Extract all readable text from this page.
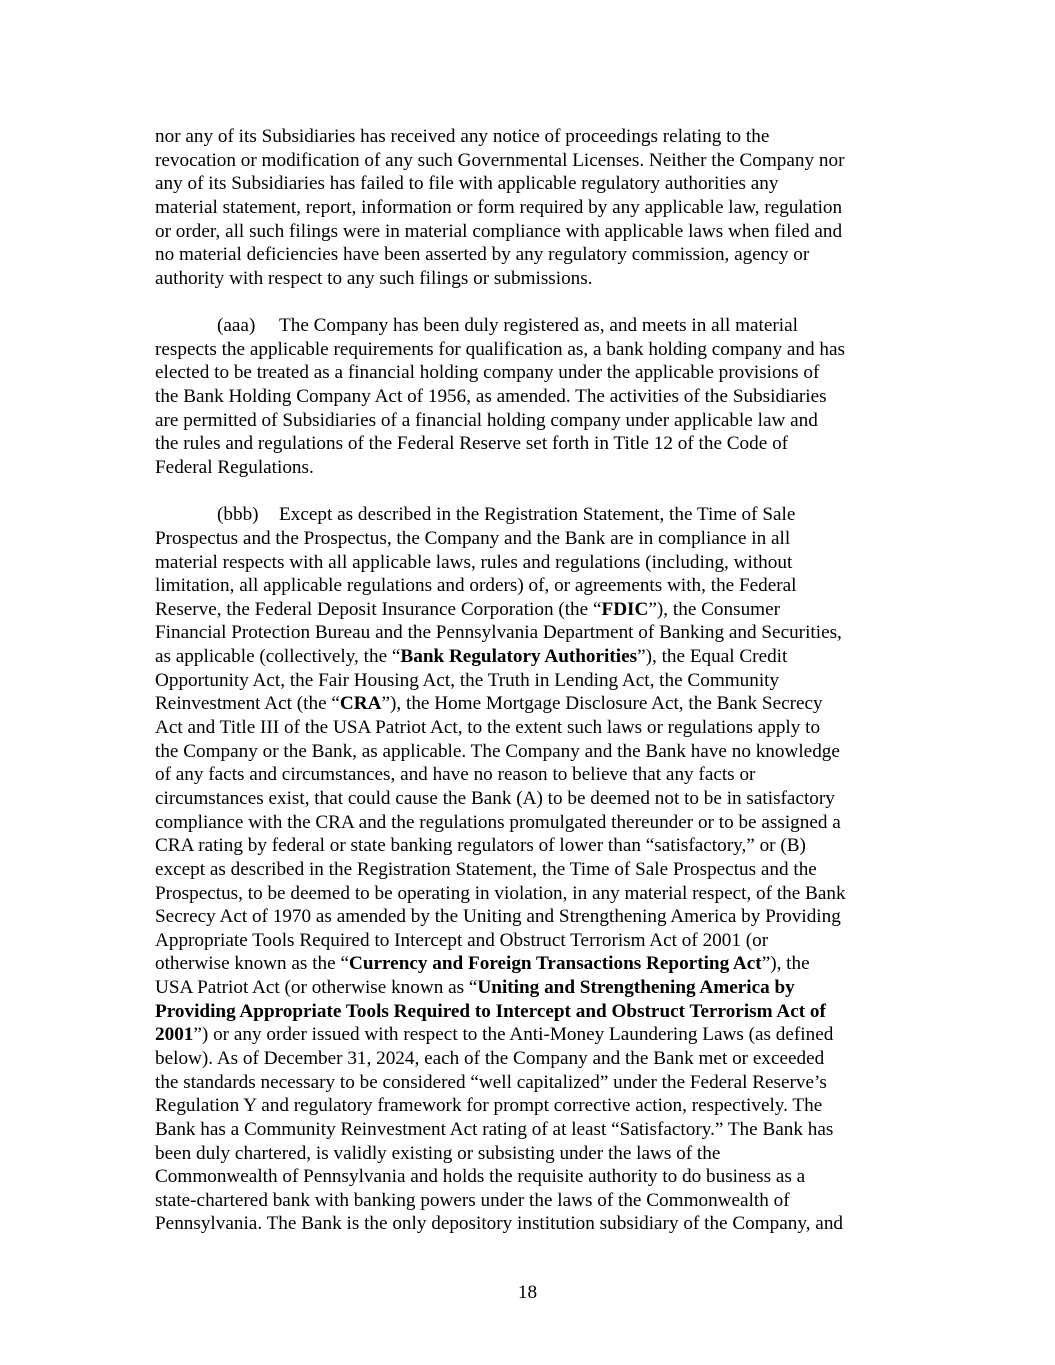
nor any of its Subsidiaries has received any notice of proceedings relating to the
revocation or modification of any such Governmental Licenses. Neither the Company nor
any of its Subsidiaries has failed to file with applicable regulatory authorities any
material statement, report, information or form required by any applicable law, regulation
or order, all such filings were in material compliance with applicable laws when filed and
no material deficiencies have been asserted by any regulatory commission, agency or
authority with respect to any such filings or submissions.
(aaa) The Company has been duly registered as, and meets in all material
respects the applicable requirements for qualification as, a bank holding company and has
elected to be treated as a financial holding company under the applicable provisions of
the Bank Holding Company Act of 1956, as amended. The activities of the Subsidiaries
are permitted of Subsidiaries of a financial holding company under applicable law and
the rules and regulations of the Federal Reserve set forth in Title 12 of the Code of
Federal Regulations.
(bbb) Except as described in the Registration Statement, the Time of Sale
Prospectus and the Prospectus, the Company and the Bank are in compliance in all
material respects with all applicable laws, rules and regulations (including, without
limitation, all applicable regulations and orders) of, or agreements with, the Federal
Reserve, the Federal Deposit Insurance Corporation (the “FDIC”), the Consumer
Financial Protection Bureau and the Pennsylvania Department of Banking and Securities,
as applicable (collectively, the “Bank Regulatory Authorities”), the Equal Credit
Opportunity Act, the Fair Housing Act, the Truth in Lending Act, the Community
Reinvestment Act (the “CRA”), the Home Mortgage Disclosure Act, the Bank Secrecy
Act and Title III of the USA Patriot Act, to the extent such laws or regulations apply to
the Company or the Bank, as applicable. The Company and the Bank have no knowledge
of any facts and circumstances, and have no reason to believe that any facts or
circumstances exist, that could cause the Bank (A) to be deemed not to be in satisfactory
compliance with the CRA and the regulations promulgated thereunder or to be assigned a
CRA rating by federal or state banking regulators of lower than “satisfactory,” or (B)
except as described in the Registration Statement, the Time of Sale Prospectus and the
Prospectus, to be deemed to be operating in violation, in any material respect, of the Bank
Secrecy Act of 1970 as amended by the Uniting and Strengthening America by Providing
Appropriate Tools Required to Intercept and Obstruct Terrorism Act of 2001 (or
otherwise known as the “Currency and Foreign Transactions Reporting Act”), the
USA Patriot Act (or otherwise known as “Uniting and Strengthening America by
Providing Appropriate Tools Required to Intercept and Obstruct Terrorism Act of
2001”) or any order issued with respect to the Anti-Money Laundering Laws (as defined
below). As of December 31, 2024, each of the Company and the Bank met or exceeded
the standards necessary to be considered “well capitalized” under the Federal Reserve’s
Regulation Y and regulatory framework for prompt corrective action, respectively. The
Bank has a Community Reinvestment Act rating of at least “Satisfactory.” The Bank has
been duly chartered, is validly existing or subsisting under the laws of the
Commonwealth of Pennsylvania and holds the requisite authority to do business as a
state-chartered bank with banking powers under the laws of the Commonwealth of
Pennsylvania. The Bank is the only depository institution subsidiary of the Company, and
18
